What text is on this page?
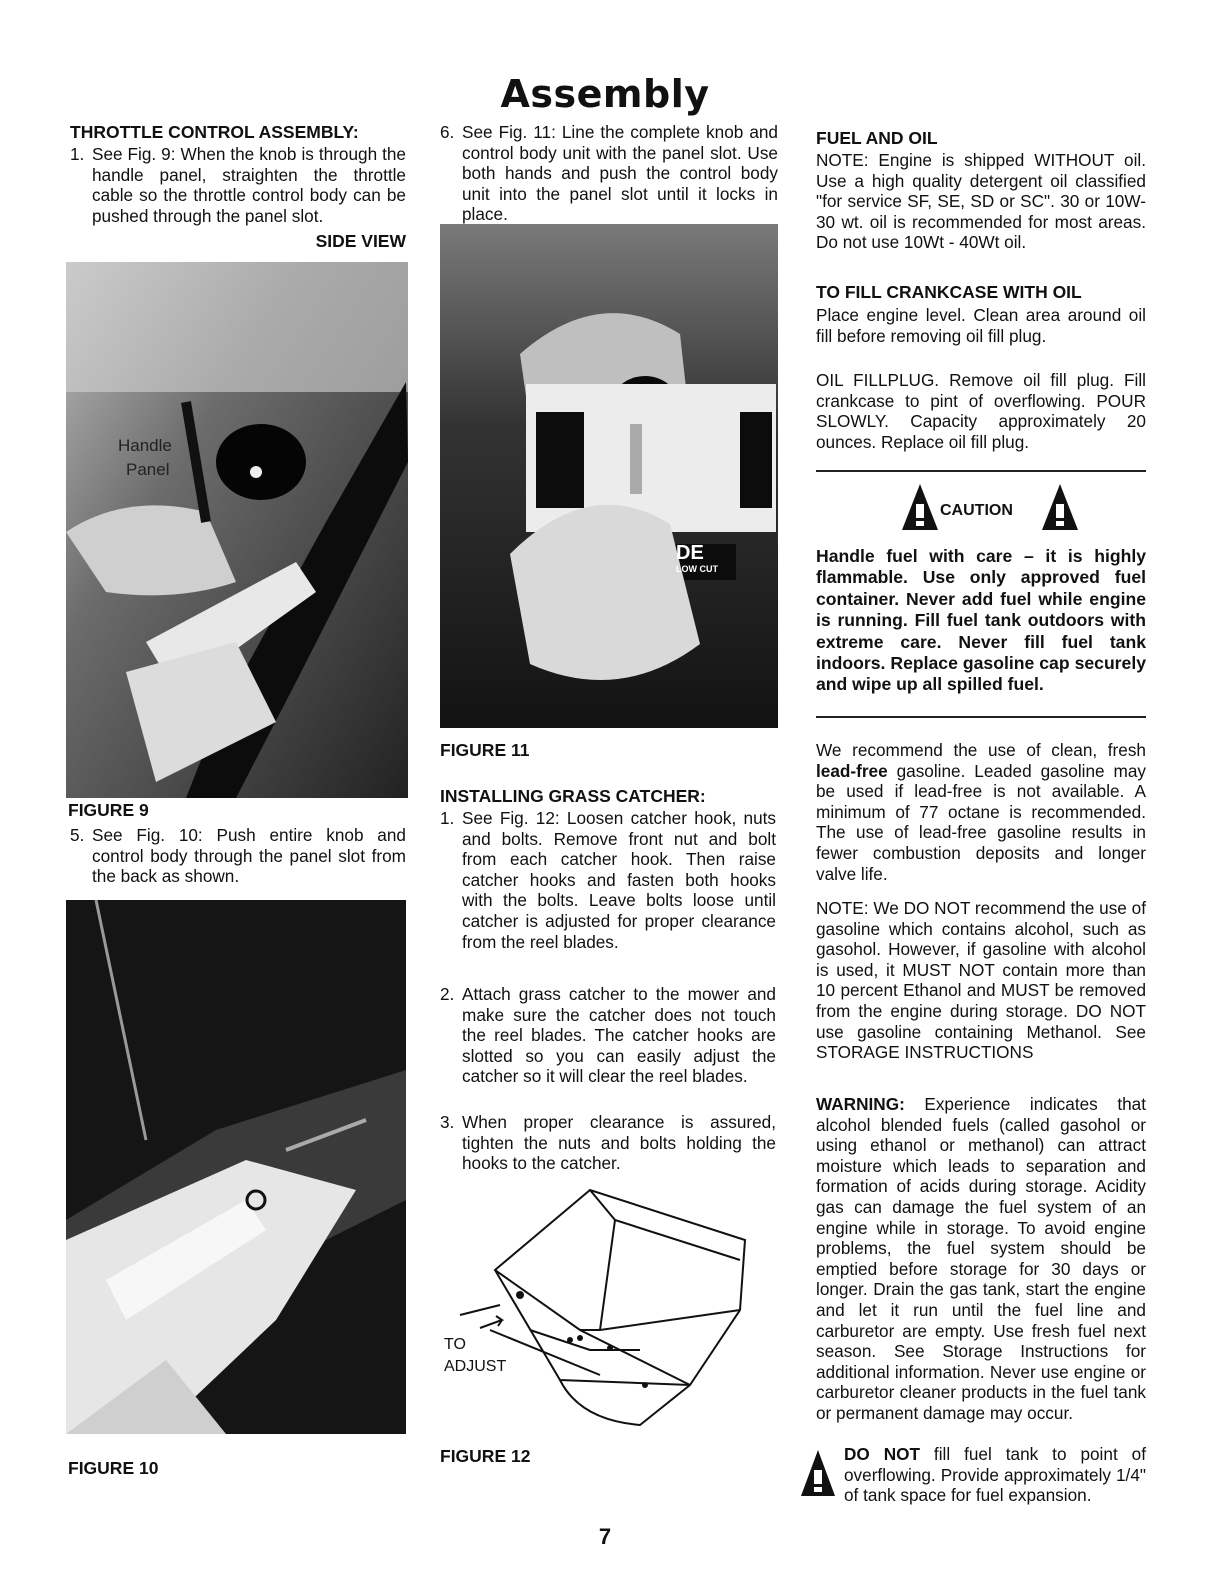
Assembly
THROTTLE CONTROL ASSEMBLY:
1. See Fig. 9: When the knob is through the handle panel, straighten the throttle cable so the throttle control body can be pushed through the panel slot.
SIDE VIEW
Handle
Panel
FIGURE 9
5. See Fig. 10: Push entire knob and control body through the panel slot from the back as shown.
FIGURE 10
6. See Fig. 11: Line the complete knob and control body unit with the panel slot. Use both hands and push the control body unit into the panel slot until it locks in place.
DE
LOW CUT
FIGURE 11
INSTALLING GRASS CATCHER:
1. See Fig. 12: Loosen catcher hook, nuts and bolts. Remove front nut and bolt from each catcher hook. Then raise catcher hooks and fasten both hooks with the bolts. Leave bolts loose until catcher is adjusted for proper clearance from the reel blades.
2. Attach grass catcher to the mower and make sure the catcher does not touch the reel blades. The catcher hooks are slotted so you can easily adjust the catcher so it will clear the reel blades.
3. When proper clearance is assured, tighten the nuts and bolts holding the hooks to the catcher.
TO
ADJUST
FIGURE 12
FUEL AND OIL
NOTE: Engine is shipped WITHOUT oil. Use a high quality detergent oil classified "for service SF, SE, SD or SC". 30 or 10W-30 wt. oil is recommended for most areas. Do not use 10Wt - 40Wt oil.
TO FILL CRANKCASE WITH OIL
Place engine level. Clean area around oil fill before removing oil fill plug.
OIL FILLPLUG. Remove oil fill plug. Fill crankcase to pint of overflowing. POUR SLOWLY. Capacity approximately 20 ounces. Replace oil fill plug.
CAUTION
Handle fuel with care – it is highly flammable. Use only approved fuel container. Never add fuel while engine is running. Fill fuel tank outdoors with extreme care. Never fill fuel tank indoors. Replace gasoline cap securely and wipe up all spilled fuel.
We recommend the use of clean, fresh lead-free gasoline. Leaded gasoline may be used if lead-free is not available. A minimum of 77 octane is recommended. The use of lead-free gasoline results in fewer combustion deposits and longer valve life.
NOTE: We DO NOT recommend the use of gasoline which contains alcohol, such as gasohol. However, if gasoline with alcohol is used, it MUST NOT contain more than 10 percent Ethanol and MUST be removed from the engine during storage. DO NOT use gasoline containing Methanol. See STORAGE INSTRUCTIONS
WARNING: Experience indicates that alcohol blended fuels (called gasohol or using ethanol or methanol) can attract moisture which leads to separation and formation of acids during storage. Acidity gas can damage the fuel system of an engine while in storage. To avoid engine problems, the fuel system should be emptied before storage for 30 days or longer. Drain the gas tank, start the engine and let it run until the fuel line and carburetor are empty. Use fresh fuel next season. See Storage Instructions for additional information. Never use engine or carburetor cleaner products in the fuel tank or permanent damage may occur.
DO NOT fill fuel tank to point of overflowing. Provide approximately 1/4" of tank space for fuel expansion.
7
